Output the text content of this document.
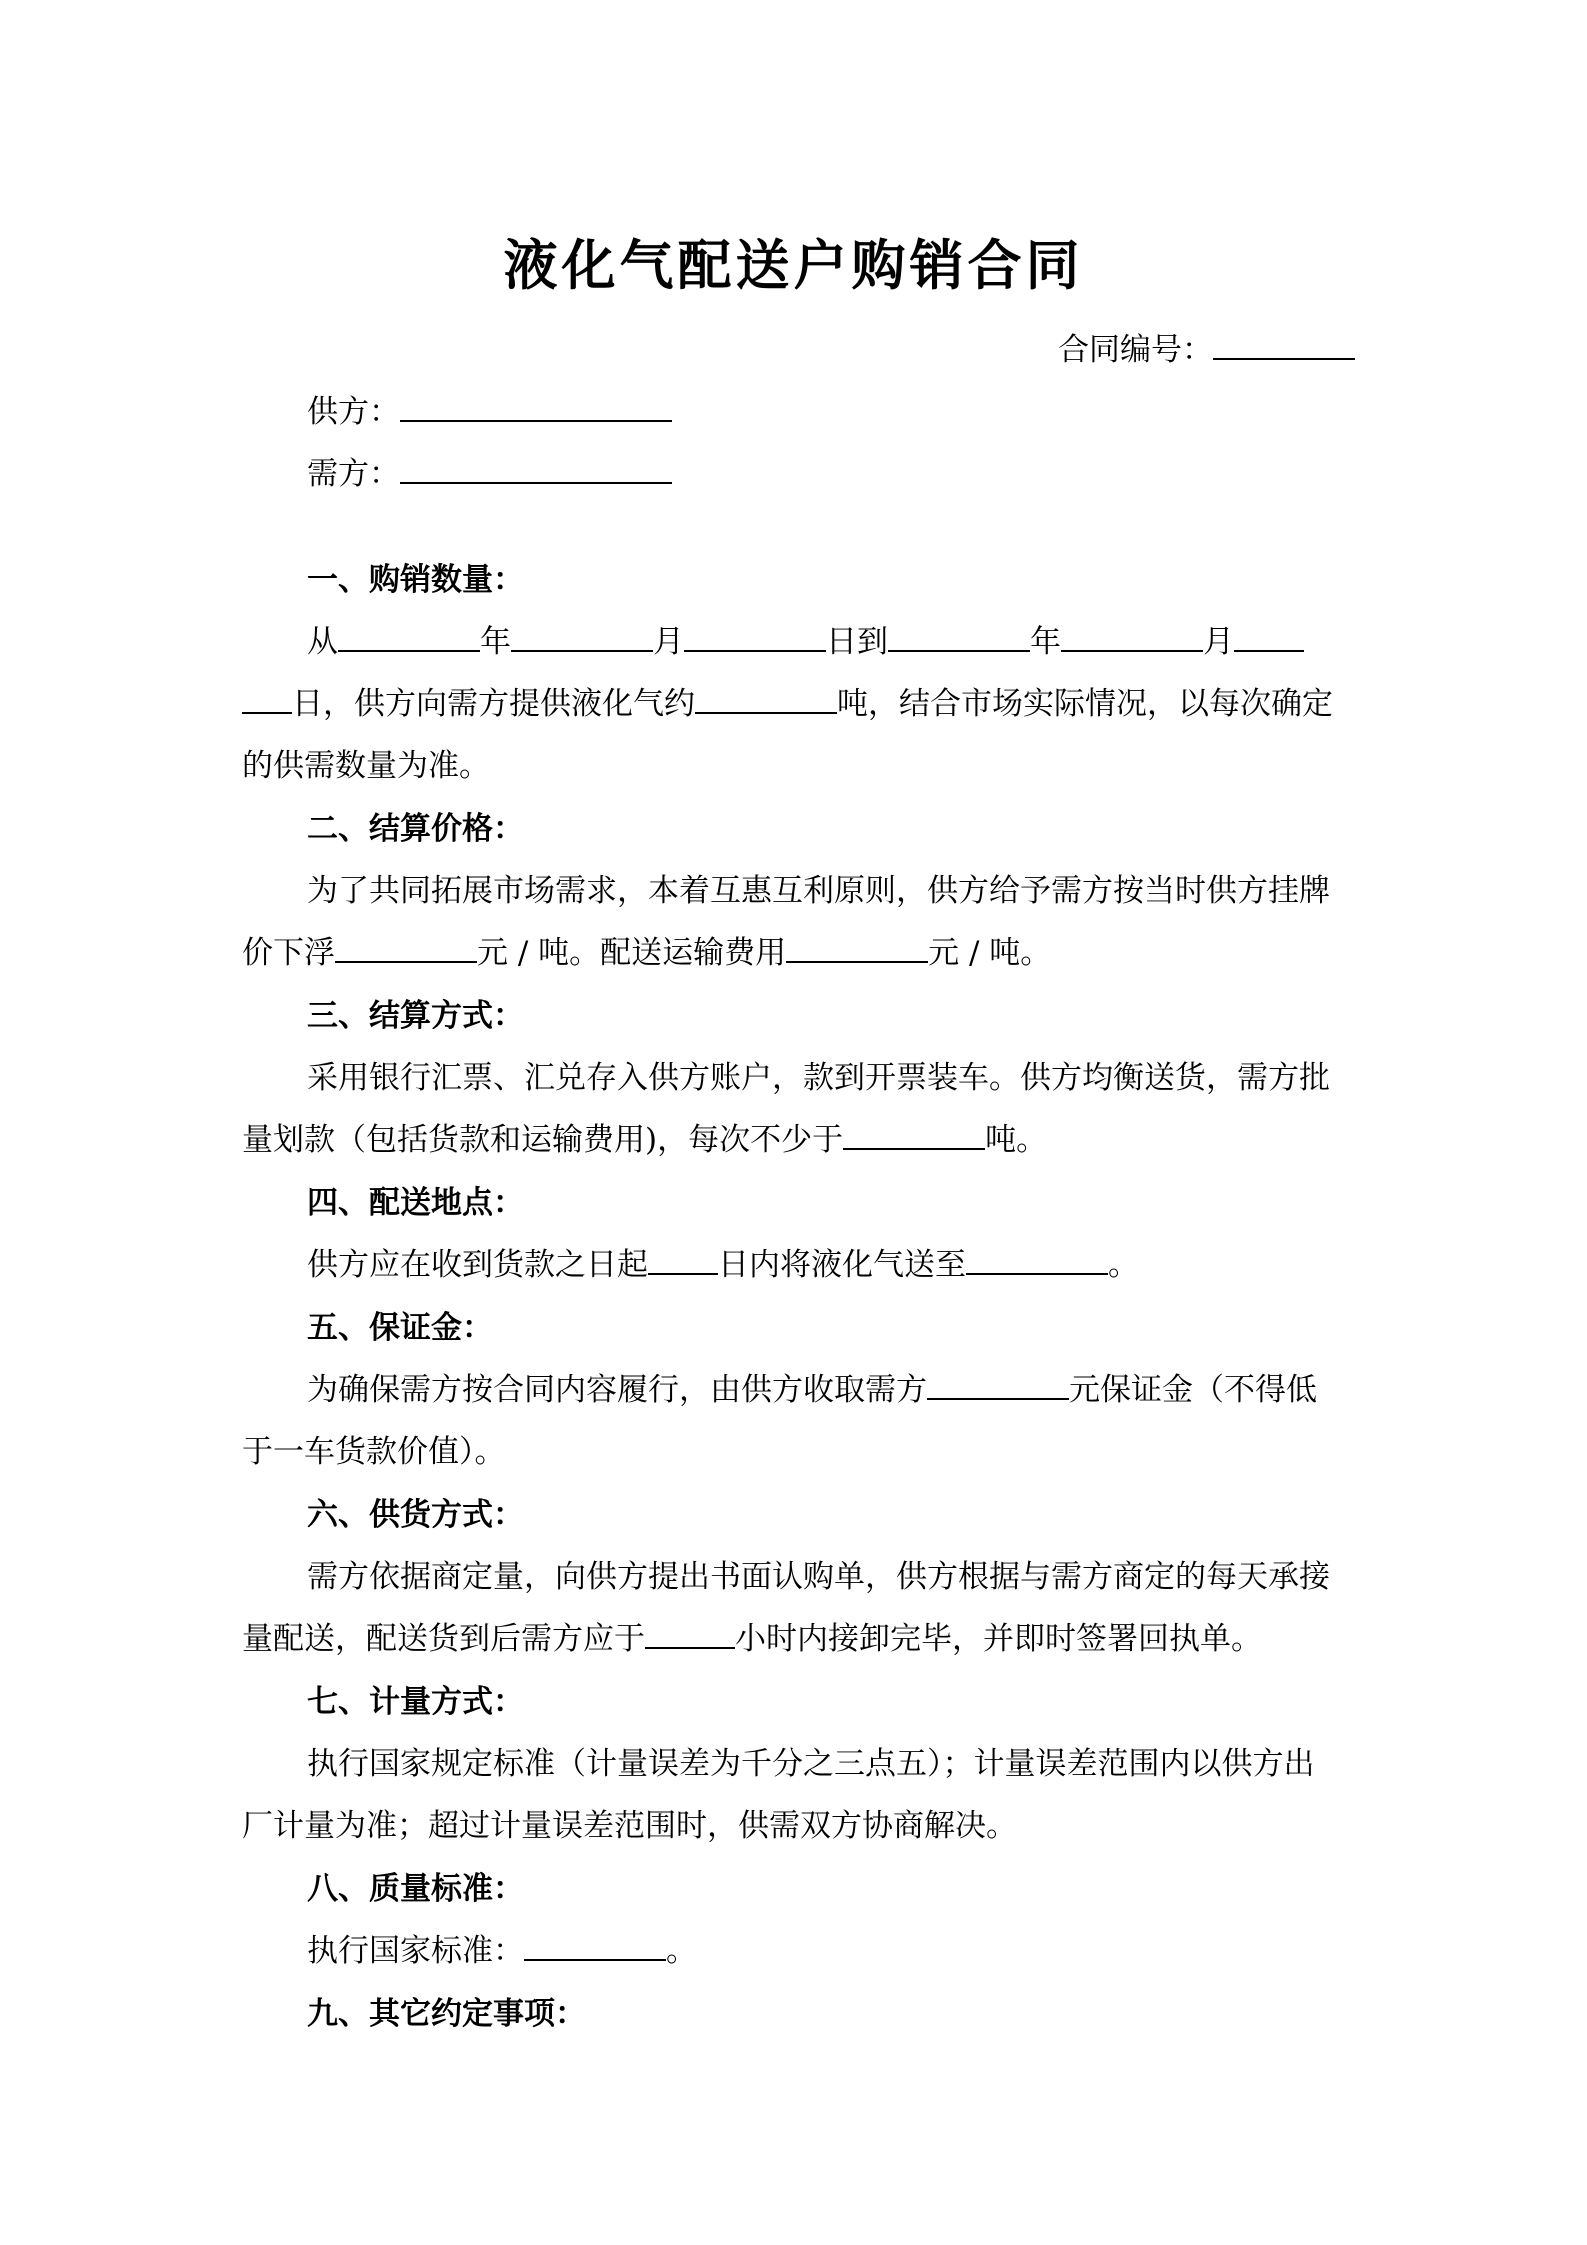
液化气配送户购销合同
合同编号：
供方：
需方：
一、购销数量：
从	年	月	日到	年	月
日，供方向需方提供液化气约	吨，结合市场实际情况，以每次确定
的供需数量为准。
二、结算价格：
为了共同拓展市场需求，本着互惠互利原则，供方给予需方按当时供方挂牌
价下浮	元 / 吨。配送运输费用	元 / 吨。
三、结算方式：
采用银行汇票、汇兑存入供方账户，款到开票装车。供方均衡送货，需方批
量划款（包括货款和运输费用)，每次不少于	吨。
四、配送地点：
供方应在收到货款之日起 日内将液化气送至	。
五、保证金：
为确保需方按合同内容履行，由供方收取需方	元保证金（不得低
于一车货款价值）。
六、供货方式：
需方依据商定量，向供方提出书面认购单，供方根据与需方商定的每天承接
量配送，配送货到后需方应于	小时内接卸完毕，并即时签署回执单。
七、计量方式：
执行国家规定标准（计量误差为千分之三点五）；计量误差范围内以供方出
厂计量为准；超过计量误差范围时，供需双方协商解决。
八、质量标准：
执行国家标准：	。
九、其它约定事项：
